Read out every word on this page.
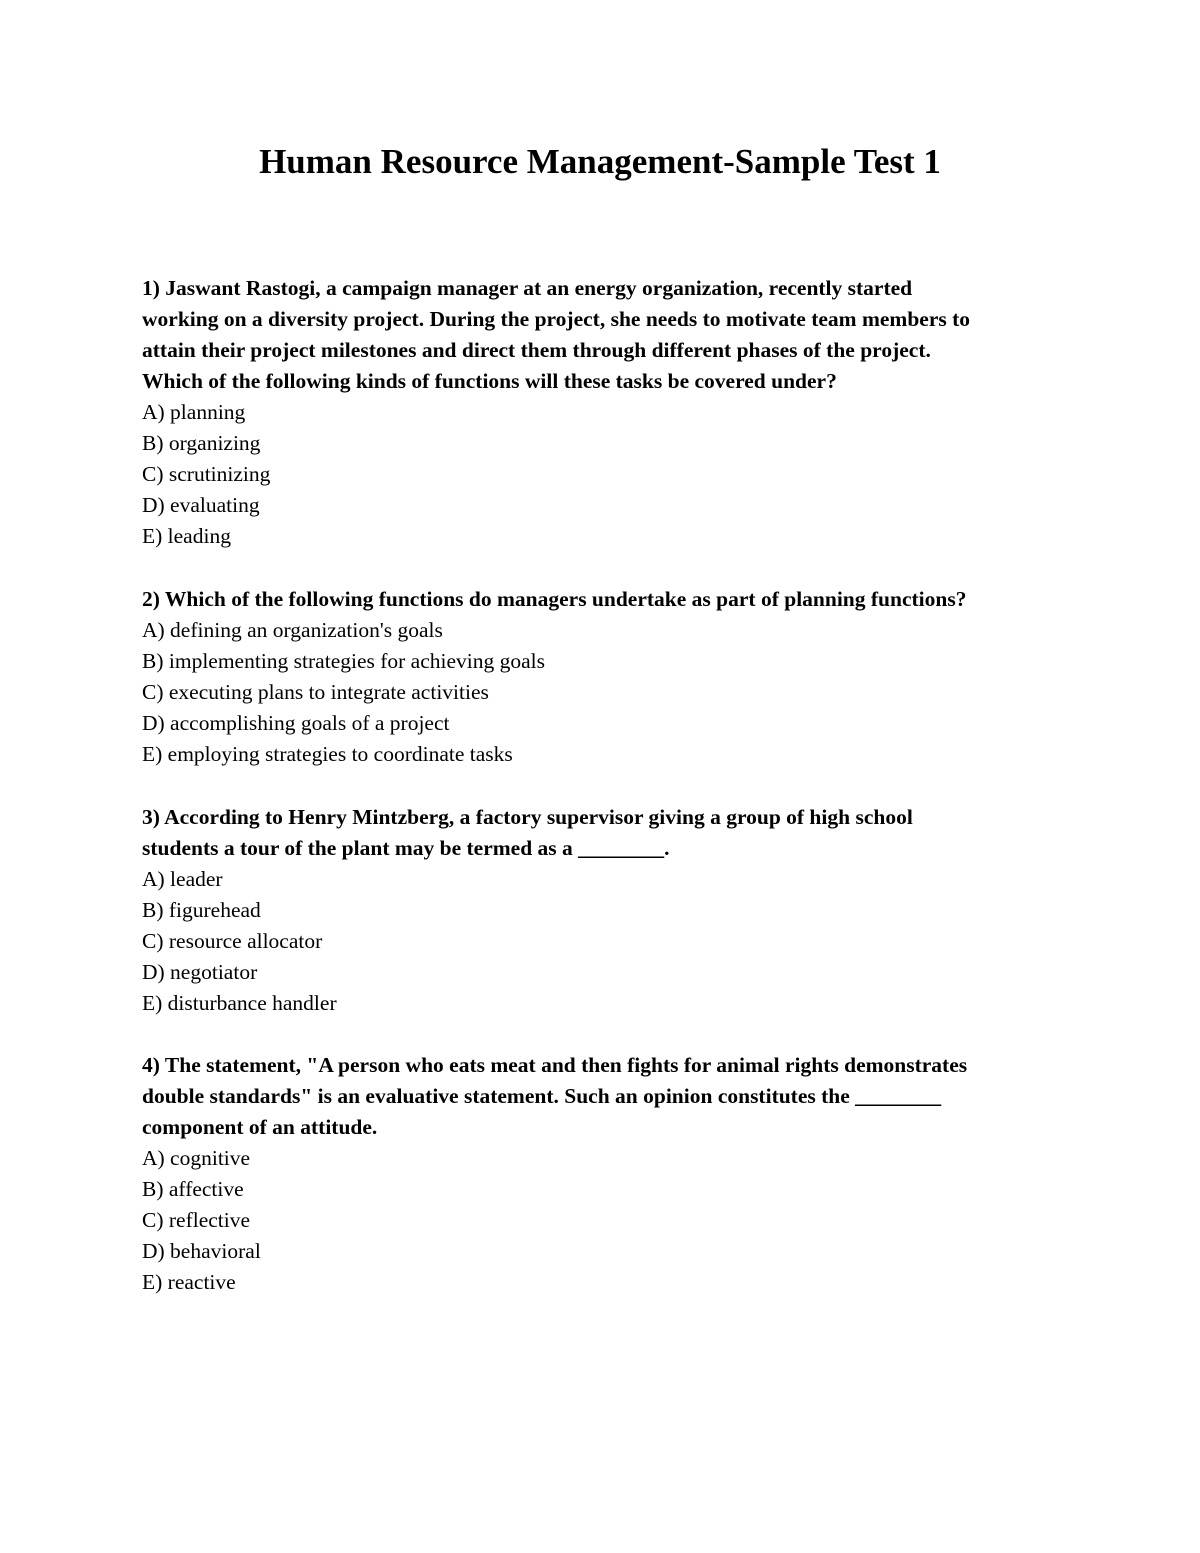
Human Resource Management-Sample Test 1
1) Jaswant Rastogi, a campaign manager at an energy organization, recently started
working on a diversity project. During the project, she needs to motivate team members to
attain their project milestones and direct them through different phases of the project.
Which of the following kinds of functions will these tasks be covered under?
A) planning
B) organizing
C) scrutinizing
D) evaluating
E) leading
2) Which of the following functions do managers undertake as part of planning functions?
A) defining an organization's goals
B) implementing strategies for achieving goals
C) executing plans to integrate activities
D) accomplishing goals of a project
E) employing strategies to coordinate tasks
3) According to Henry Mintzberg, a factory supervisor giving a group of high school
students a tour of the plant may be termed as a ________.
A) leader
B) figurehead
C) resource allocator
D) negotiator
E) disturbance handler
4) The statement, "A person who eats meat and then fights for animal rights demonstrates
double standards" is an evaluative statement. Such an opinion constitutes the ________
component of an attitude.
A) cognitive
B) affective
C) reflective
D) behavioral
E) reactive
